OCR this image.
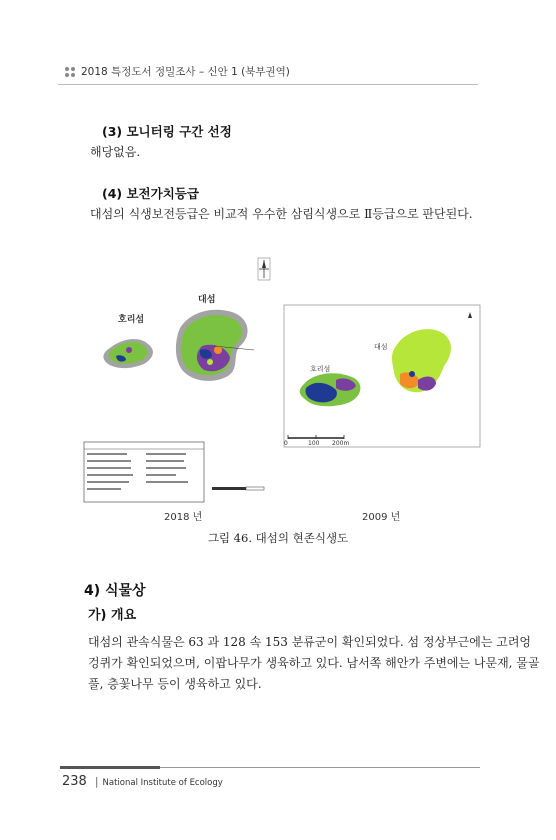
2018 특정도서 정밀조사 – 신안 1 (북부권역)
(3) 모니터링 구간 선정
해당없음.
(4) 보전가치등급
대섬의 식생보전등급은 비교적 우수한 삼림식생으로 Ⅱ등급으로 판단된다.
호리섬
대섬
호리섬
대섬
0	100 200m
2018 년	2009 년
그림 46. 대섬의 현존식생도
4) 식물상
가) 개요
대섬의 관속식물은 63 과 128 속 153 분류군이 확인되었다. 섬 정상부근에는 고려엉
겅퀴가 확인되었으며, 이팝나무가 생육하고 있다. 남서쪽 해안가 주변에는 나문재, 물골
풀, 층꽃나무 등이 생육하고 있다.
238 | National Institute of Ecology
